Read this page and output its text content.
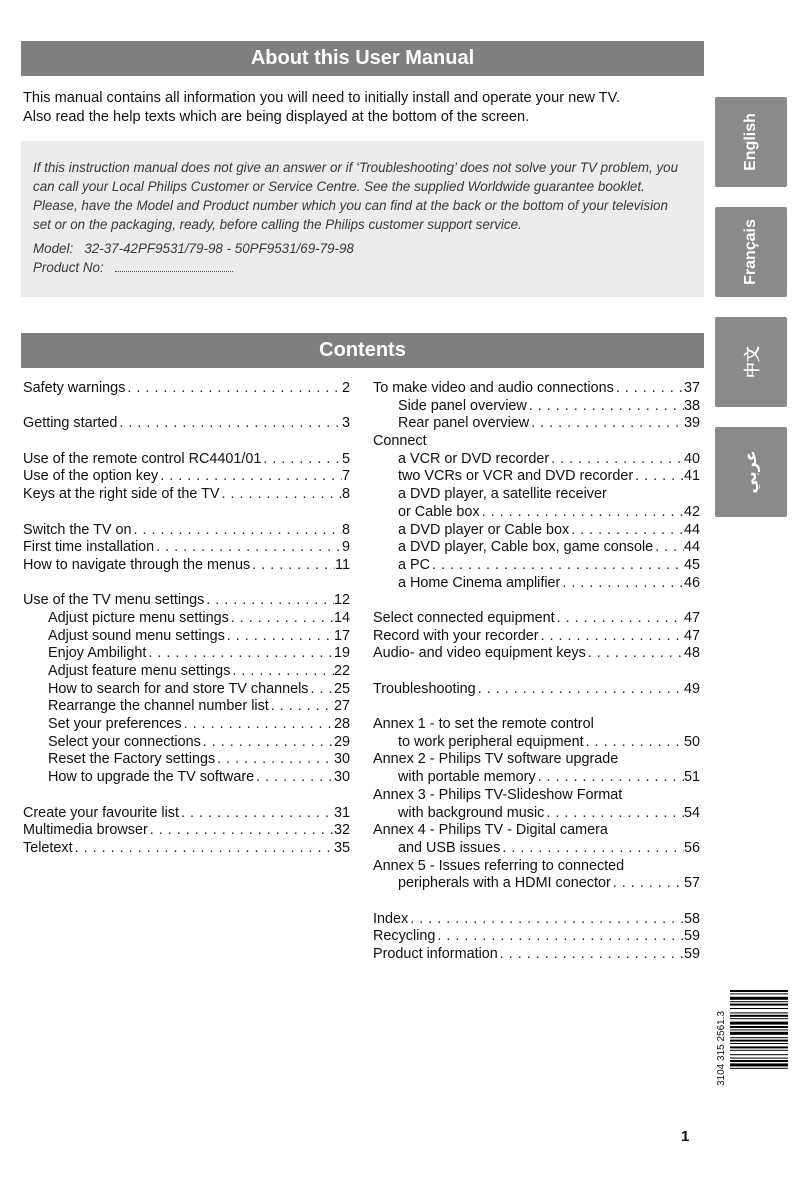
About this User Manual
This manual contains all information you will need to initially install and operate your new TV.
Also read the help texts which are being displayed at the bottom of the screen.

If this instruction manual does not give an answer or if ‘Troubleshooting’ does not solve your TV problem, you

can call your Local Philips Customer or Service Centre. See the supplied Worldwide guarantee booklet.

Please, have the Model and Product number which you can find at the back or the bottom of your television

set or on the packaging, ready, before calling the Philips customer support service.

Model: 32-37-42PF9531/79-98 - 50PF9531/69-79-98

Product No:

Contents
Safety warnings . . .	2
Getting started . . .	3
Use of the remote control RC4401/01 . . .	5
Use of the option key . . .	7
Keys at the right side of the TV . . .	8
Switch the TV on . . .	8
First time installation . . .	9
How to navigate through the menus . . .	11
Use of the TV menu settings . . .	12
Adjust picture menu settings . . .	14
Adjust sound menu settings . . .	17
Enjoy Ambilight . . .	19
Adjust feature menu settings . . .	22
How to search for and store TV channels . . . 25
Rearrange the channel number list . . .	27
Set your preferences . . .	28
Select your connections . . .	29
Reset the Factory settings . . .	30
How to upgrade the TV software . . .	30
Create your favourite list . . .	31
Multimedia browser . . .	32
Teletext . . .	35
To make video and audio connections . . .	37
Side panel overview . . .	38
Rear panel overview . . .	39
Connect
a VCR or DVD recorder . . .	40
two VCRs or VCR and DVD recorder . . .	41
a DVD player, a satellite receiver
or Cable box . . .	42
a DVD player or Cable box . . .	44
a DVD player, Cable box, game console . . . 44
a PC . . .	45
a Home Cinema amplifier . . .	46
Select connected equipment . . .	47
Record with your recorder . . .	47
Audio- and video equipment keys . . .	48
Troubleshooting . . .	49
Annex 1 - to set the remote control
to work peripheral equipment . . .	50
Annex 2 - Philips TV software upgrade
with portable memory . . .	51
Annex 3 - Philips TV-Slideshow Format
with background music . . .	54
Annex 4 - Philips TV - Digital camera
and USB issues . . .	56
Annex 5 - Issues referring to connected
peripherals with a HDMI conector . . .	57
Index . . .	58
Recycling . . .	59
Product information . . .	59
English
Français
中文
عربي
3104 315 2561.3
1
